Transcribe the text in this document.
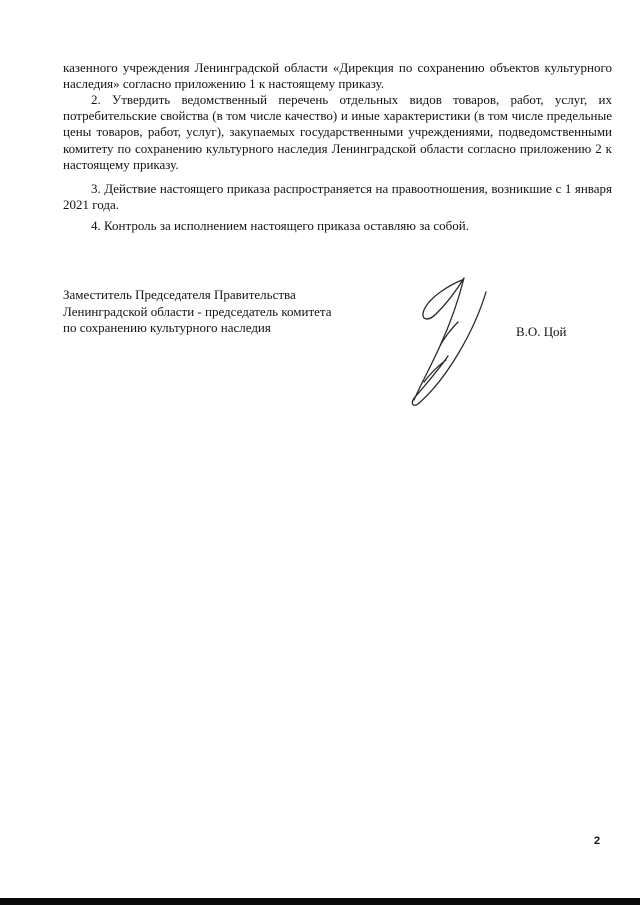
казенного учреждения Ленинградской области «Дирекция по сохранению объектов культурного наследия» согласно приложению 1 к настоящему приказу.

2. Утвердить ведомственный перечень отдельных видов товаров, работ, услуг, их потребительские свойства (в том числе качество) и иные характеристики (в том числе предельные цены товаров, работ, услуг), закупаемых государственными учреждениями, подведомственными комитету по сохранению культурного наследия Ленинградской области согласно приложению 2 к настоящему приказу.

3. Действие настоящего приказа распространяется на правоотношения, возникшие с 1 января 2021 года.

4. Контроль за исполнением настоящего приказа оставляю за собой.

Заместитель Председателя Правительства
Ленинградской области - председатель комитета
по сохранению культурного наследия	В.О. Цой
2
